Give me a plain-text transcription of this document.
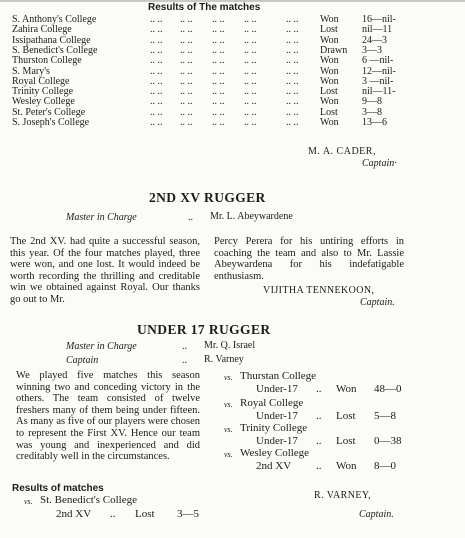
Results of The matches
S. Anthony's College	.. .. .. .. .. .. .. ..	.. .. Won 16—nil-
Zahira College	.. .. .. .. .. .. .. ..	.. .. Lost nil—11
Issipathana College	.. .. .. .. .. .. .. ..	.. .. Won 24—3
S. Benedict's College	.. .. .. .. .. .. .. ..	.. .. Drawn 3—3
Thurston College	.. .. .. .. .. .. .. ..	.. .. Won 6 —nil-
S. Mary's	.. .. .. .. .. .. .. ..	.. .. Won 12—nil-
Royal College	.. .. .. .. .. .. .. ..	.. .. Won 3 —nil-
Trinity College	.. .. .. .. .. .. .. ..	.. .. Lost nil—11-
Wesley College	.. .. .. .. .. .. .. ..	.. .. Won 9—8
St. Peter's College	.. .. .. .. .. .. .. ..	.. .. Lost 3—8
S. Joseph's College	.. .. .. .. .. .. .. ..	.. .. Won 13—6
M. A. CADER,
Captain·
2ND XV RUGGER
Master in Charge	.. Mr. L. Abeywardene
The 2nd XV. had quite a successful season, this year. Of the four matches played, three were won, and one lost. It would indeed be worth recording the thrilling and creditable win we obtained against Royal. Our thanks go out to Mr.
Percy Perera for his untiring efforts in coaching the team and also to Mr. Lassie Abeywardena for his indefatigable enthusiasm.
VIJITHA TENNEKOON,
Captain.
UNDER 17 RUGGER
Master in Charge	.. Mr. Q. Israel
Captain	.. R. Varney
We played five matches this season winning two and conceding victory in the others. The team consisted of twelve freshers many of them being under fifteen. As many as five of our players were chosen to represent the First XV. Hence our team was young and inexperienced and did creditably well in the circumstances.
Results of matches
vs. St. Benedict's College
2nd XV .. Lost 3—5
vs. Thurstan College
Under-17 .. Won 48—0
vs. Royal College
Under-17 .. Lost 5—8
vs. Trinity College
Under-17 .. Lost 0—38
vs. Wesley College
2nd XV .. Won 8—0
R. VARNEY,
Captain.
